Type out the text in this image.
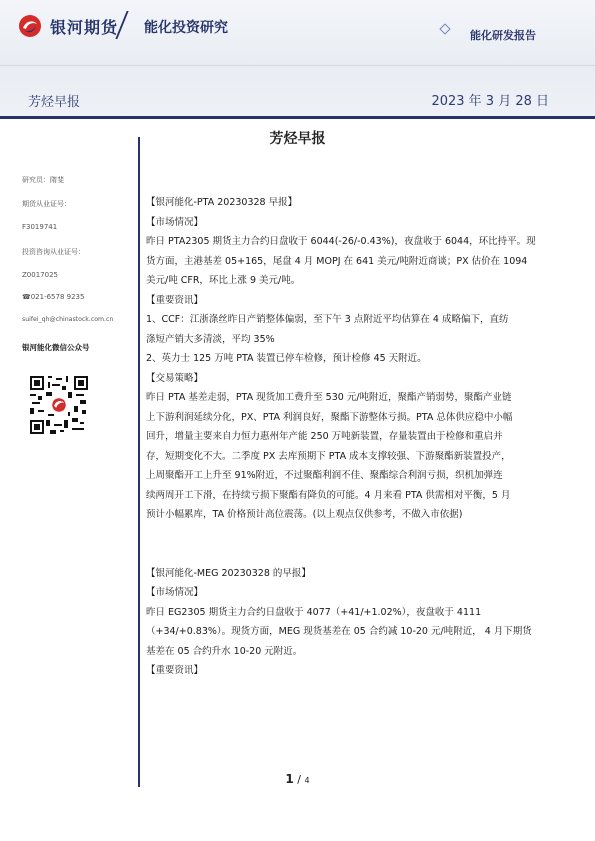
银河期货 能化投资研究	能化研发报告
芳烃早报	2023 年 3 月 28 日
芳烃早报
研究员：隋斐
期货从业证号：
F3019741
投资咨询从业证号：
Z0017025
☎021-6578 9235
suifei_qh@chinastock.com.cn
银河能化微信公众号

【银河能化-PTA 20230328 早报】

【市场情况】

昨日 PTA2305 期货主力合约日盘收于 6044(-26/-0.43%)，夜盘收于 6044，环比持平。现

货方面，主港基差 05+165，尾盘 4 月 MOPJ 在 641 美元/吨附近商谈；PX 估价在 1094

美元/吨 CFR，环比上涨 9 美元/吨。

【重要资讯】

1、CCF：江浙涤丝昨日产销整体偏弱，至下午 3 点附近平均估算在 4 成略偏下，直纺

涤短产销大多清淡，平均 35%

2、英力士 125 万吨 PTA 装置已停车检修，预计检修 45 天附近。

【交易策略】

昨日 PTA 基差走弱，PTA 现货加工费升至 530 元/吨附近，聚酯产销弱势，聚酯产业链

上下游利润延续分化，PX、PTA 利润良好，聚酯下游整体亏损。PTA 总体供应稳中小幅

回升，增量主要来自力恒力惠州年产能 250 万吨新装置，存量装置由于检修和重启并

存，短期变化不大。二季度 PX 去库预期下 PTA 成本支撑较强、下游聚酯新装置投产，

上周聚酯开工上升至 91%附近，不过聚酯利润不佳、聚酯综合利润亏损，织机加弹连

续两周开工下滑，在持续亏损下聚酯有降负的可能。4 月来看 PTA 供需相对平衡，5 月

预计小幅累库，TA 价格预计高位震荡。(以上观点仅供参考，不做入市依据)

【银河能化-MEG 20230328 的早报】

【市场情况】

昨日 EG2305 期货主力合约日盘收于 4077（+41/+1.02%），夜盘收于 4111

（+34/+0.83%）。现货方面，MEG 现货基差在 05 合约减 10-20 元/吨附近， 4 月下期货

基差在 05 合约升水 10-20 元附近。

【重要资讯】

1 / 4
